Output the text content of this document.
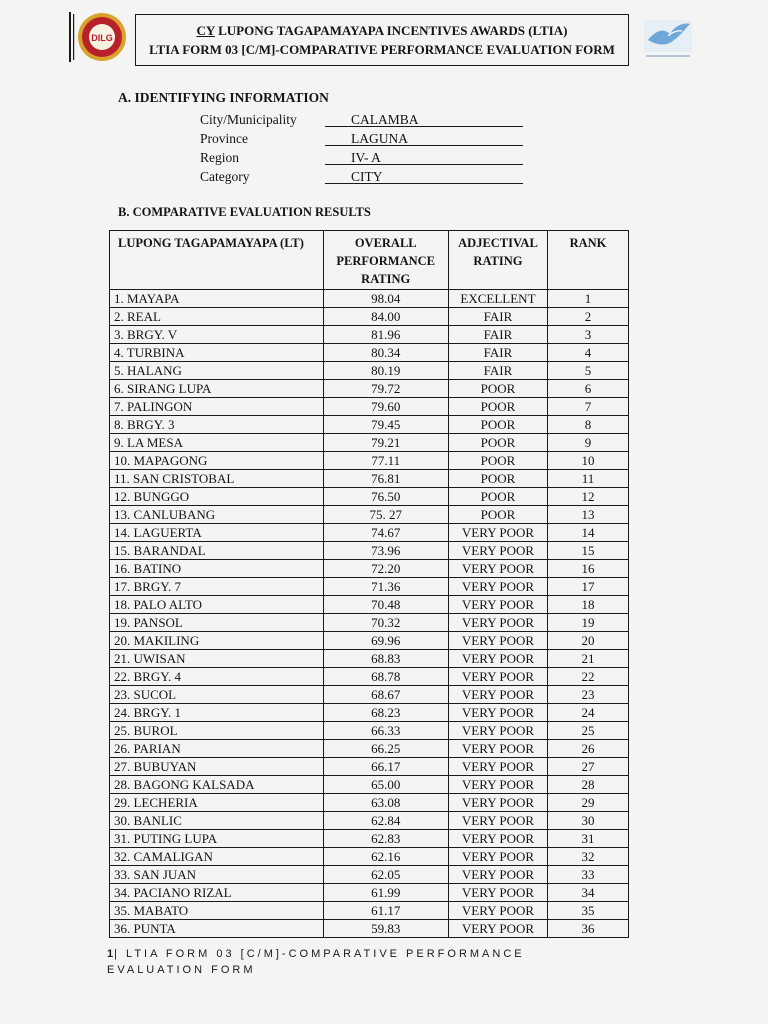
DILG	CY LUPONG TAGAPAMAYAPA INCENTIVES AWARDS (LTIA)
LTIA FORM 03 [C/M]-COMPARATIVE PERFORMANCE EVALUATION FORM
A. IDENTIFYING INFORMATION
City/Municipality	CALAMBA
Province	LAGUNA
Region	IV- A
Category	CITY
B. COMPARATIVE EVALUATION RESULTS
LUPONG TAGAPAMAYAPA (LT)	OVERALL PERFORMANCE RATING	ADJECTIVAL RATING	RANK
1. MAYAPA	98.04	EXCELLENT	1
2. REAL	84.00	FAIR	2
3. BRGY. V	81.96	FAIR	3
4. TURBINA	80.34	FAIR	4
5. HALANG	80.19	FAIR	5
6. SIRANG LUPA	79.72	POOR	6
7. PALINGON	79.60	POOR	7
8. BRGY. 3	79.45	POOR	8
9. LA MESA	79.21	POOR	9
10. MAPAGONG	77.11	POOR	10
11. SAN CRISTOBAL	76.81	POOR	11
12. BUNGGO	76.50	POOR	12
13. CANLUBANG	75. 27	POOR	13
14. LAGUERTA	74.67	VERY POOR	14
15. BARANDAL	73.96	VERY POOR	15
16. BATINO	72.20	VERY POOR	16
17. BRGY. 7	71.36	VERY POOR	17
18. PALO ALTO	70.48	VERY POOR	18
19. PANSOL	70.32	VERY POOR	19
20. MAKILING	69.96	VERY POOR	20
21. UWISAN	68.83	VERY POOR	21
22. BRGY. 4	68.78	VERY POOR	22
23. SUCOL	68.67	VERY POOR	23
24. BRGY. 1	68.23	VERY POOR	24
25. BUROL	66.33	VERY POOR	25
26. PARIAN	66.25	VERY POOR	26
27. BUBUYAN	66.17	VERY POOR	27
28. BAGONG KALSADA	65.00	VERY POOR	28
29. LECHERIA	63.08	VERY POOR	29
30. BANLIC	62.84	VERY POOR	30
31. PUTING LUPA	62.83	VERY POOR	31
32. CAMALIGAN	62.16	VERY POOR	32
33. SAN JUAN	62.05	VERY POOR	33
34. PACIANO RIZAL	61.99	VERY POOR	34
35. MABATO	61.17	VERY POOR	35
36. PUNTA	59.83	VERY POOR	36
1| LTIA FORM 03 [C/M]-COMPARATIVE PERFORMANCE
EVALUATION FORM
